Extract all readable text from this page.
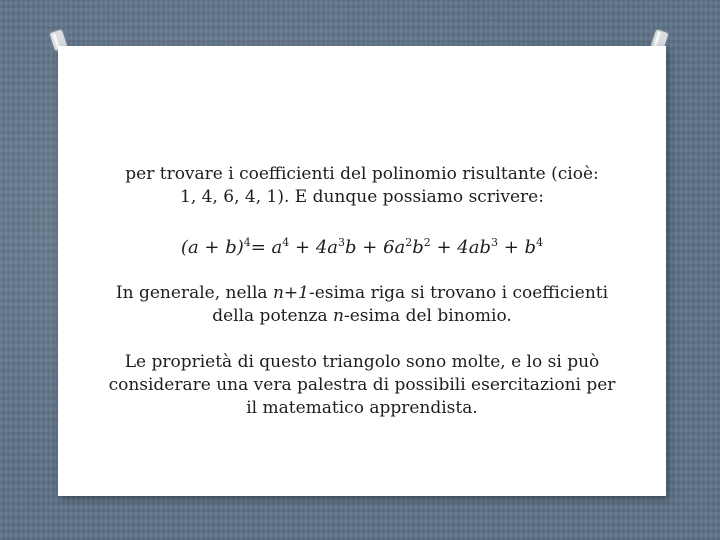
per trovare i coefficienti del polinomio risultante (cioè:
1, 4, 6, 4, 1). E dunque possiamo scrivere:
$(a + b)^4= a^4 + 4a^3b + 6a^2b^2 + 4ab^3 + b^4$
In generale, nella n+1-esima riga si trovano i coefficienti
della potenza n-esima del binomio.
Le proprietà di questo triangolo sono molte, e lo si può
considerare una vera palestra di possibili esercitazioni per
il matematico apprendista.
